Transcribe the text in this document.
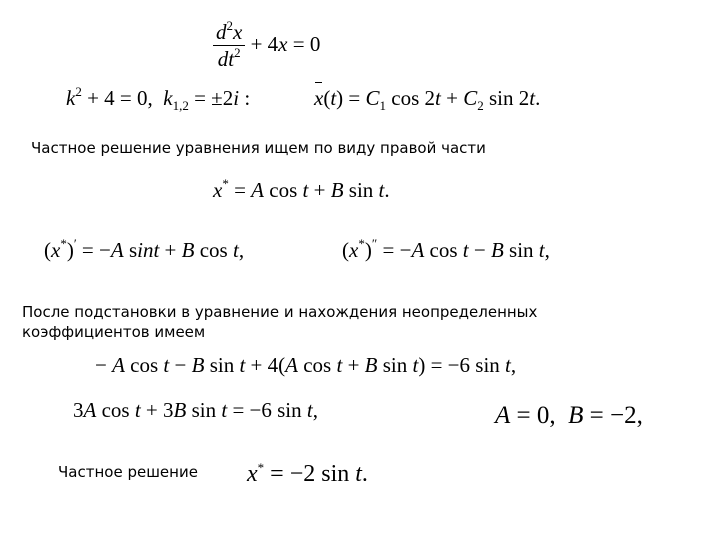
$\frac{d^2x}{dt^2} + 4x = 0$
$k^2 + 4 = 0$,  $k_{1,2} = \pm 2i$ :	$x(t) = C_1$ $\cos 2t + C_2$ sin 2t.
Частное решение уравнения ищем по виду правой части
x* = A cos t + B sin t.
(x*)′ = −A sint + B cos t,	(x*)″ = −A cos t − B sin t,
После подстановки в уравнение и нахождения неопределенных коэффициентов имеем
− A cos t − B sin t + 4(A cos t + B sin t) = −6 sin t,
3A cos t + 3B sin t = −6 sin t,	A = 0,  B = −2,
Частное решение x* = −2 sin t.
